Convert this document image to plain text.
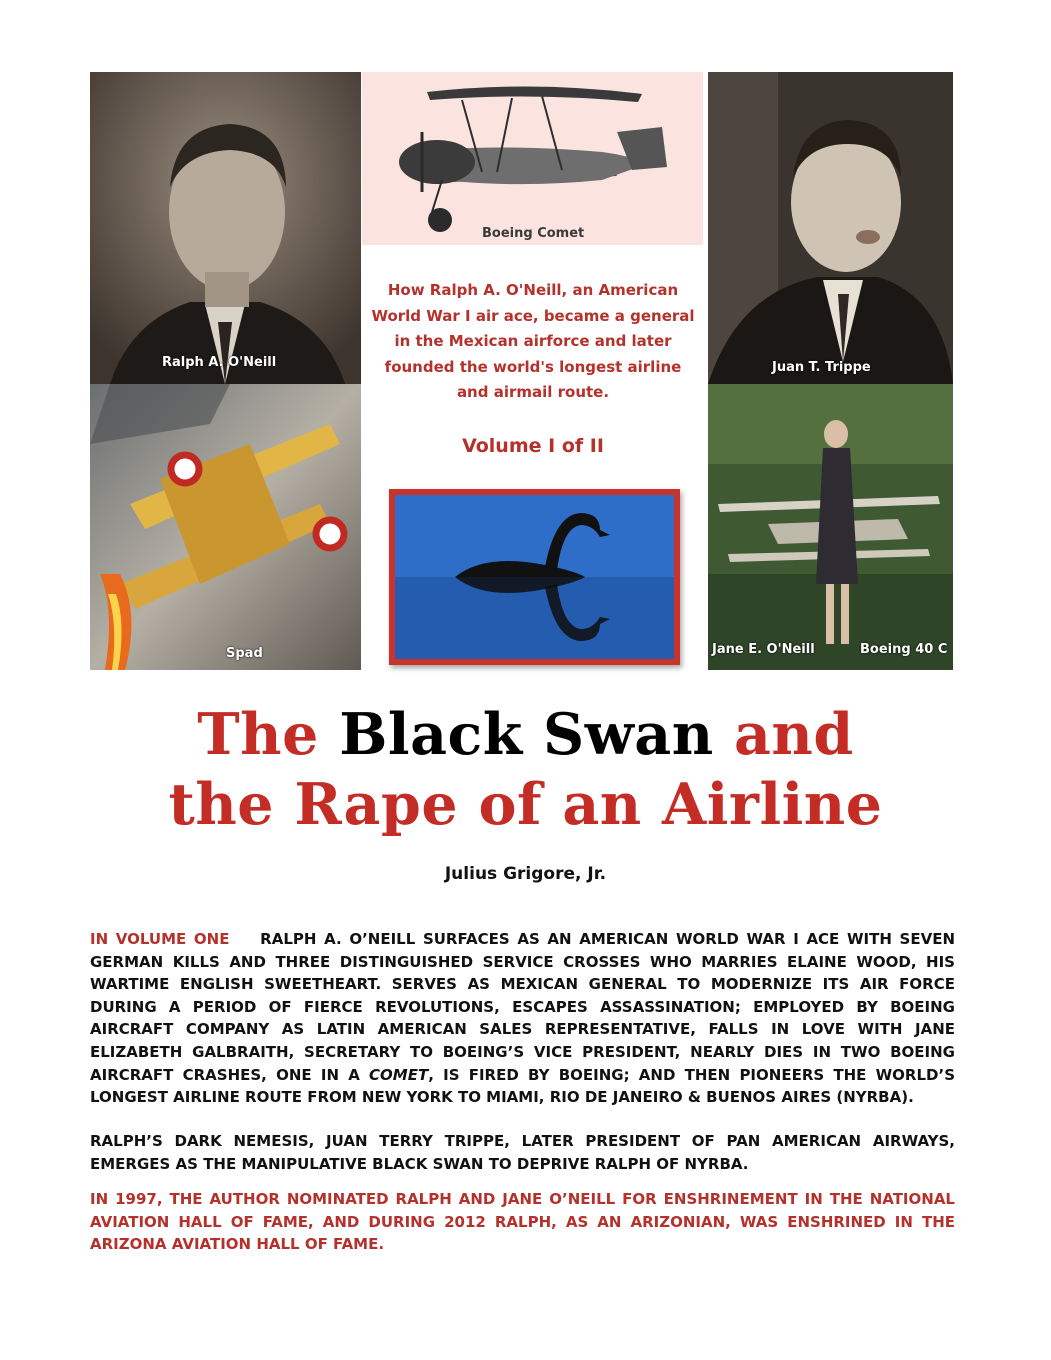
Ralph A. O'Neill
Boeing Comet
Juan T. Trippe
Spad

How Ralph A. O'Neill, an American World War I air ace, became a general in the Mexican airforce and later founded the world's longest airline and airmail route.

Volume I of II
Jane E. O'Neill	Boeing 40 C
The Black Swan and
the Rape of an Airline
Julius Grigore, Jr.

IN VOLUME ONE RALPH A. O’NEILL SURFACES AS AN AMERICAN WORLD WAR I ACE WITH SEVEN GERMAN KILLS AND THREE DISTINGUISHED SERVICE CROSSES WHO MARRIES ELAINE WOOD, HIS WARTIME ENGLISH SWEETHEART. SERVES AS MEXICAN GENERAL TO MODERNIZE ITS AIR FORCE DURING A PERIOD OF FIERCE REVOLUTIONS, ESCAPES ASSASSINATION; EMPLOYED BY BOEING AIRCRAFT COMPANY AS LATIN AMERICAN SALES REPRESENTATIVE, FALLS IN LOVE WITH JANE ELIZABETH GALBRAITH, SECRETARY TO BOEING’S VICE PRESIDENT, NEARLY DIES IN TWO BOEING AIRCRAFT CRASHES, ONE IN A COMET, IS FIRED BY BOEING; AND THEN PIONEERS THE WORLD’S LONGEST AIRLINE ROUTE FROM NEW YORK TO MIAMI, RIO DE JANEIRO & BUENOS AIRES (NYRBA).

RALPH’S DARK NEMESIS, JUAN TERRY TRIPPE, LATER PRESIDENT OF PAN AMERICAN AIRWAYS, EMERGES AS THE MANIPULATIVE BLACK SWAN TO DEPRIVE RALPH OF NYRBA.

IN 1997, THE AUTHOR NOMINATED RALPH AND JANE O’NEILL FOR ENSHRINEMENT IN THE NATIONAL AVIATION HALL OF FAME, AND DURING 2012 RALPH, AS AN ARIZONIAN, WAS ENSHRINED IN THE ARIZONA AVIATION HALL OF FAME.
